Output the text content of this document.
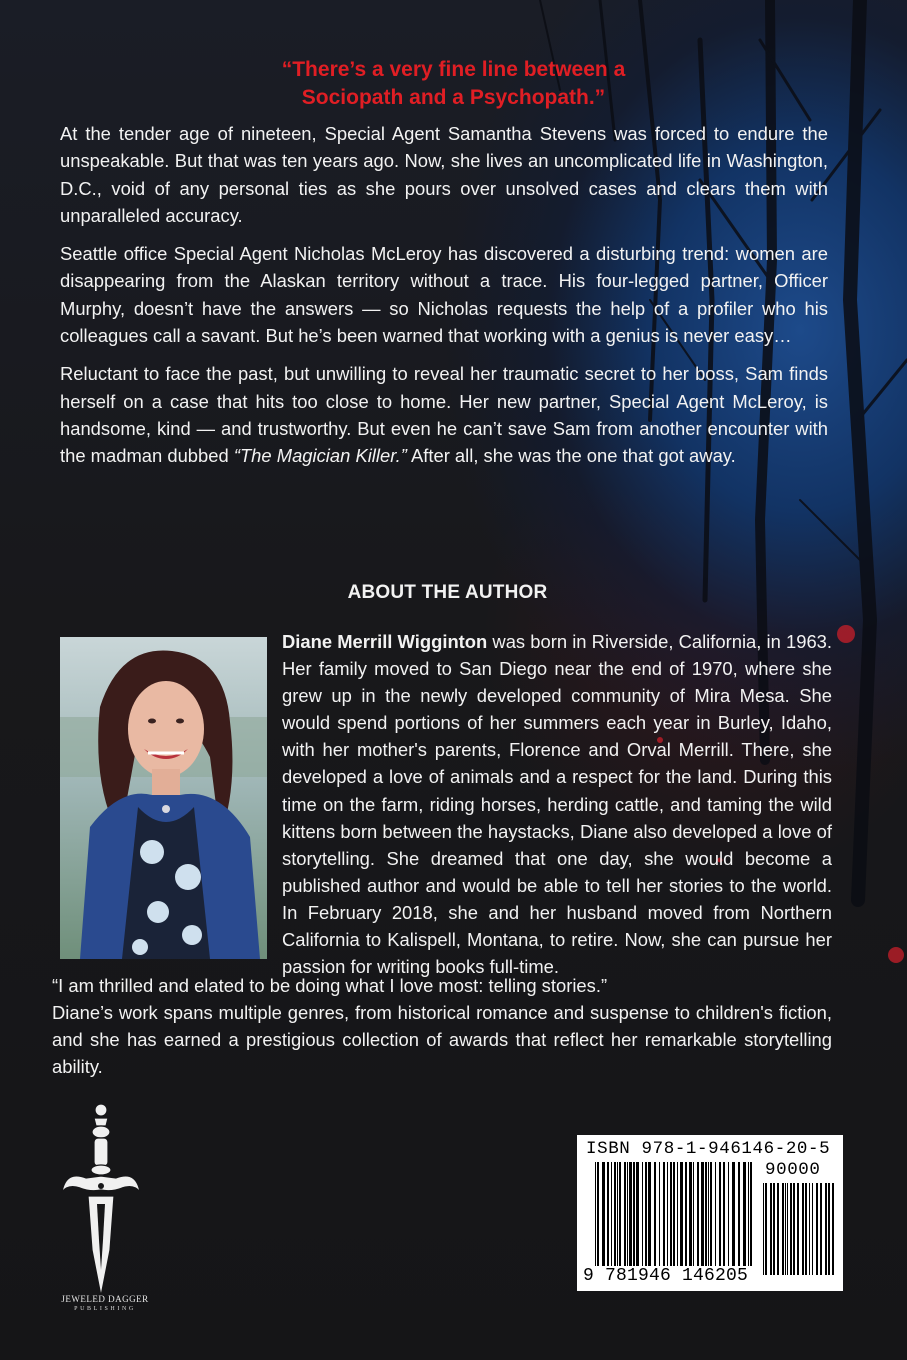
“There’s a very fine line between a
Sociopath and a Psychopath.”

At the tender age of nineteen, Special Agent Samantha Stevens was forced to endure the unspeakable. But that was ten years ago. Now, she lives an uncomplicated life in Washington, D.C., void of any personal ties as she pours over unsolved cases and clears them with unparalleled accuracy.

Seattle office Special Agent Nicholas McLeroy has discovered a disturbing trend: women are disappearing from the Alaskan territory without a trace. His four-legged partner, Officer Murphy, doesn’t have the answers — so Nicholas requests the help of a profiler who his colleagues call a savant. But he’s been warned that working with a genius is never easy…

Reluctant to face the past, but unwilling to reveal her traumatic secret to her boss, Sam finds herself on a case that hits too close to home. Her new partner, Special Agent McLeroy, is handsome, kind — and trustworthy. But even he can’t save Sam from another encounter with the madman dubbed “The Magician Killer.” After all, she was the one that got away.

ABOUT THE AUTHOR

Diane Merrill Wigginton was born in Riverside, California, in 1963. Her family moved to San Diego near the end of 1970, where she grew up in the newly developed community of Mira Mesa. She would spend portions of her summers each year in Burley, Idaho, with her mother's parents, Florence and Orval Merrill. There, she developed a love of animals and a respect for the land. During this time on the farm, riding horses, herding cattle, and taming the wild kittens born between the haystacks, Diane also developed a love of storytelling. She dreamed that one day, she would become a published author and would be able to tell her stories to the world. In February 2018, she and her husband moved from Northern California to Kalispell, Montana, to retire. Now, she can pursue her passion for writing books full-time.

“I am thrilled and elated to be doing what I love most: telling stories.”
Diane’s work spans multiple genres, from historical romance and suspense to children's fiction, and she has earned a prestigious collection of awards that reflect her remarkable storytelling ability.
JEWELED DAGGER
PUBLISHING
ISBN 978-1-946146-20-5
90000
9 781946 146205
